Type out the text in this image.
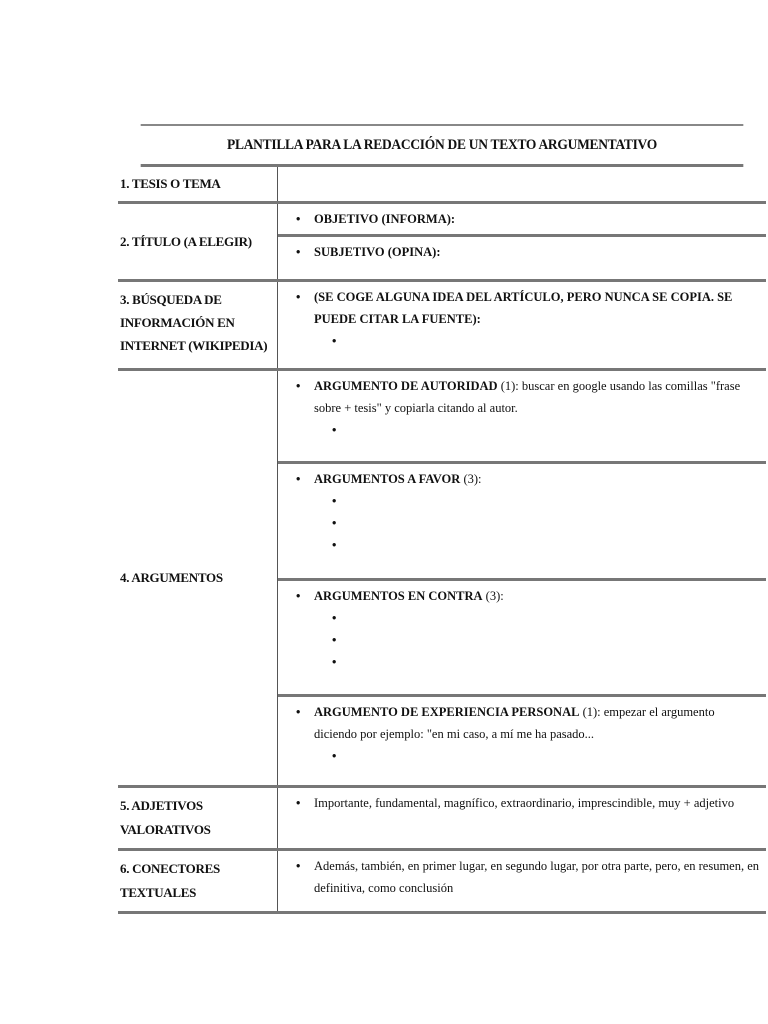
PLANTILLA PARA LA REDACCIÓN DE UN TEXTO ARGUMENTATIVO
1. TESIS O TEMA
2. TÍTULO (A ELEGIR)
•	OBJETIVO (INFORMA):
•	SUBJETIVO (OPINA):
3. BÚSQUEDA DE
INFORMACIÓN EN
INTERNET (WIKIPEDIA)
•	(SE COGE ALGUNA IDEA DEL ARTÍCULO, PERO NUNCA SE COPIA. SE PUEDE CITAR LA FUENTE):
•
4. ARGUMENTOS
•	ARGUMENTO DE AUTORIDAD (1): buscar en google usando las comillas "frase sobre + tesis" y copiarla citando al autor.
•
•	ARGUMENTOS A FAVOR (3):
•
•
•
•	ARGUMENTOS EN CONTRA (3):
•
•
•
•	ARGUMENTO DE EXPERIENCIA PERSONAL (1): empezar el argumento diciendo por ejemplo: "en mi caso, a mí me ha pasado...
•
5. ADJETIVOS
VALORATIVOS
•	Importante, fundamental, magnífico, extraordinario, imprescindible, muy + adjetivo
6. CONECTORES
TEXTUALES
•	Además, también, en primer lugar, en segundo lugar, por otra parte, pero, en resumen, en definitiva, como conclusión
